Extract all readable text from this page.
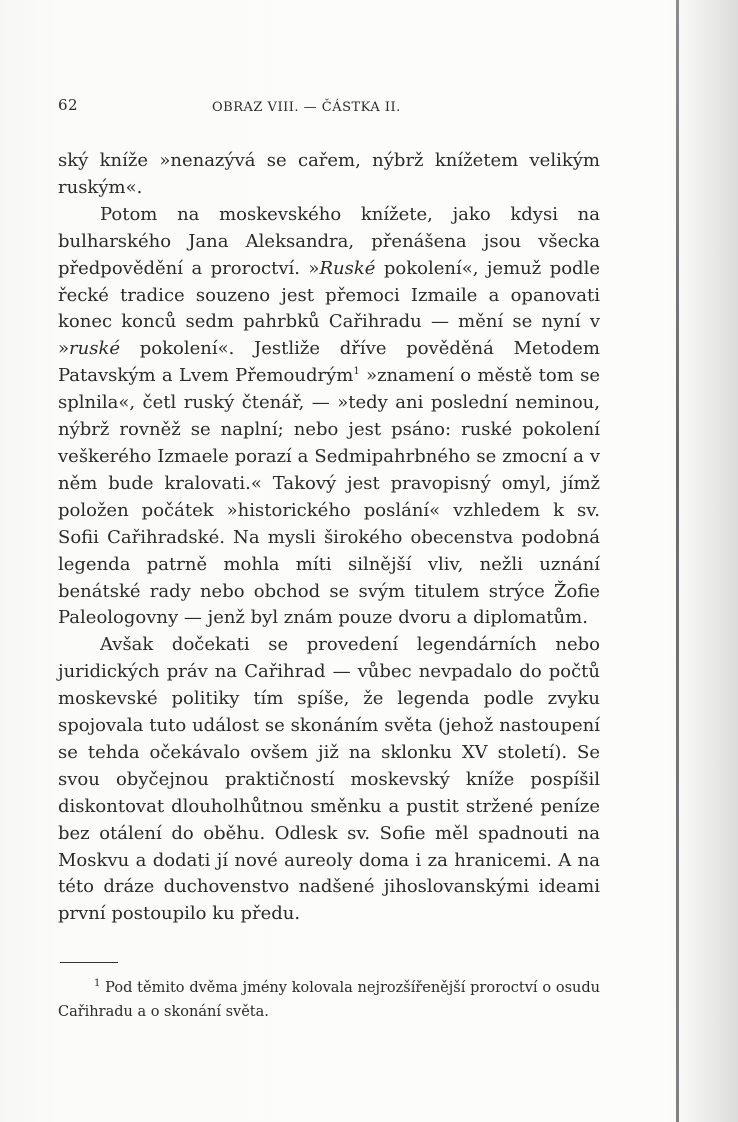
62	OBRAZ VIII. — ČÁSTKA II.

ský kníže »nenazývá se cařem, nýbrž knížetem velikým ruským«.

Potom na moskevského knížete, jako kdysi na bulharského Jana Aleksandra, přenášena jsou všecka předpovědění a proroctví. »Ruské pokolení«, jemuž podle řecké tradice souzeno jest přemoci Izmaile a opanovati konec konců sedm pahrbků Cařihradu — mění se nyní v »ruské pokolení«. Jestliže dříve pověděná Metodem Patavským a Lvem Přemoudrým$^1$ »znamení o městě tom se splnila«, četl ruský čtenář, — »tedy ani poslední neminou, nýbrž rovněž se naplní; nebo jest psáno: ruské pokolení veškerého Izmaele porazí a Sedmipahrbného se zmocní a v něm bude kralovati.« Takový jest pravopisný omyl, jímž položen počátek »historického poslání« vzhledem k sv. Sofii Cařihradské. Na mysli širokého obecenstva podobná legenda patrně mohla míti silnější vliv, nežli uznání benátské rady nebo obchod se svým titulem strýce Žofie Paleologovny — jenž byl znám pouze dvoru a diplomatům.

Avšak dočekati se provedení legendárních nebo juridických práv na Cařihrad — vůbec nevpadalo do počtů moskevské politiky tím spíše, že legenda podle zvyku spojovala tuto událost se skonáním světa (jehož nastoupení se tehda očekávalo ovšem již na sklonku XV století). Se svou obyčejnou praktičností moskevský kníže pospíšil diskontovat dlouholhůtnou směnku a pustit stržené peníze bez otálení do oběhu. Odlesk sv. Sofie měl spadnouti na Moskvu a dodati jí nové aureoly doma i za hranicemi. A na této dráze duchovenstvo nadšené jihoslovanskými ideami první postoupilo ku předu.

$^1$ Pod těmito dvěma jmény kolovala nejrozšířenější proroctví o osudu Cařihradu a o skonání světa.
